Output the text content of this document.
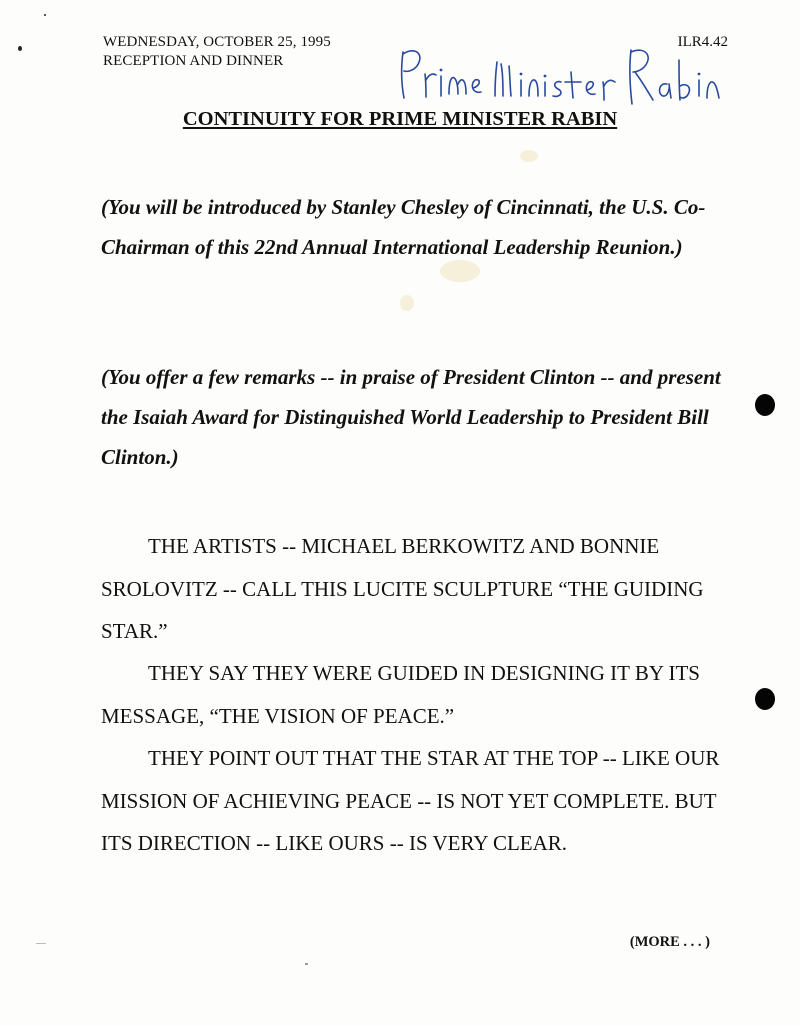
WEDNESDAY, OCTOBER 25, 1995
RECEPTION AND DINNER
ILR4.42
CONTINUITY FOR PRIME MINISTER RABIN
(You will be introduced by Stanley Chesley of Cincinnati, the U.S. Co-Chairman of this 22nd Annual International Leadership Reunion.)
(You offer a few remarks -- in praise of President Clinton -- and present the Isaiah Award for Distinguished World Leadership to President Bill Clinton.)
THE ARTISTS -- MICHAEL BERKOWITZ AND BONNIE SROLOVITZ -- CALL THIS LUCITE SCULPTURE “THE GUIDING STAR.”
THEY SAY THEY WERE GUIDED IN DESIGNING IT BY ITS MESSAGE, “THE VISION OF PEACE.”
THEY POINT OUT THAT THE STAR AT THE TOP -- LIKE OUR MISSION OF ACHIEVING PEACE -- IS NOT YET COMPLETE. BUT ITS DIRECTION -- LIKE OURS -- IS VERY CLEAR.
(MORE . . . )
